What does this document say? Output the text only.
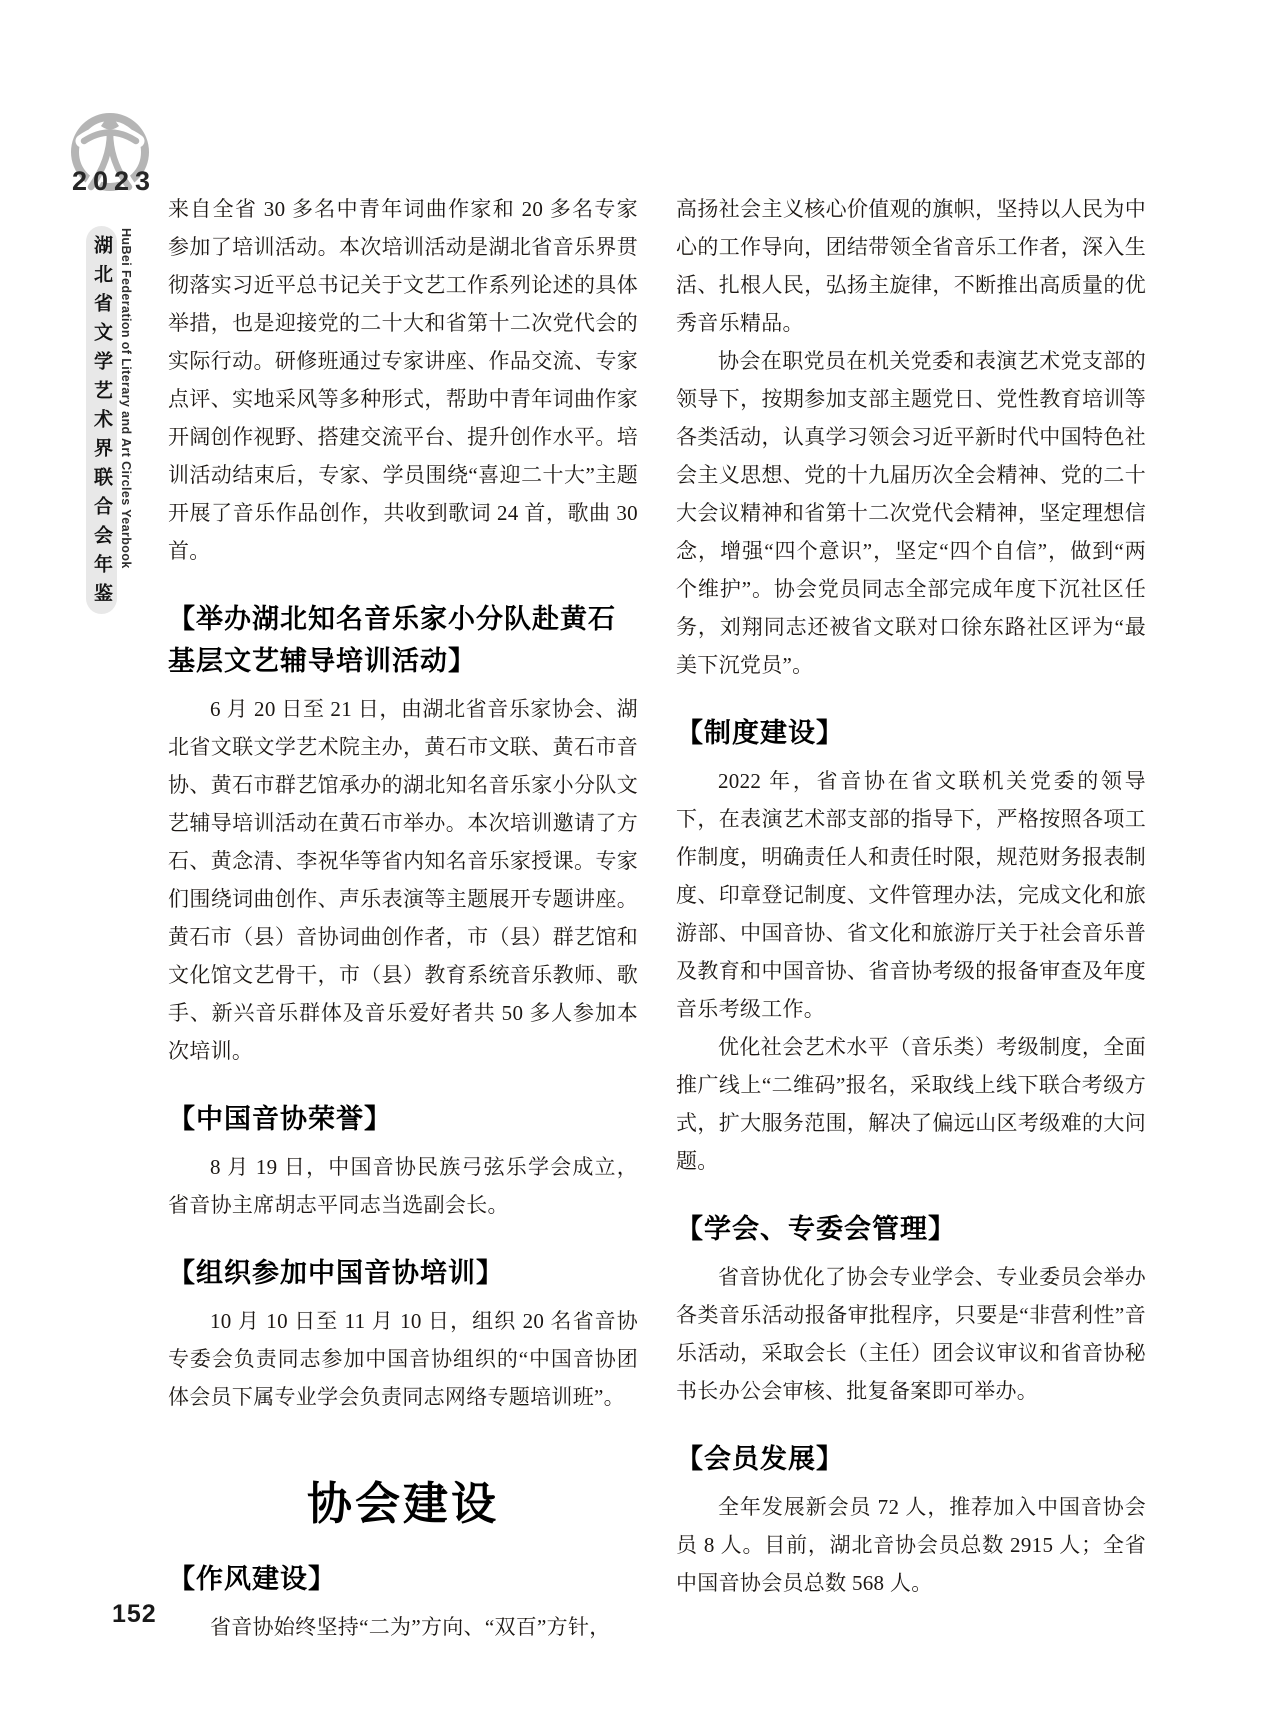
2023
湖北省文学艺术界联合会年鉴 HuBei Federation of Literary and Art Circles Yearbook

来自全省 30 多名中青年词曲作家和 20 多名专家参加了培训活动。本次培训活动是湖北省音乐界贯彻落实习近平总书记关于文艺工作系列论述的具体举措，也是迎接党的二十大和省第十二次党代会的实际行动。研修班通过专家讲座、作品交流、专家点评、实地采风等多种形式，帮助中青年词曲作家开阔创作视野、搭建交流平台、提升创作水平。培训活动结束后，专家、学员围绕“喜迎二十大”主题开展了音乐作品创作，共收到歌词 24 首，歌曲 30 首。

【举办湖北知名音乐家小分队赴黄石基层文艺辅导培训活动】

6 月 20 日至 21 日，由湖北省音乐家协会、湖北省文联文学艺术院主办，黄石市文联、黄石市音协、黄石市群艺馆承办的湖北知名音乐家小分队文艺辅导培训活动在黄石市举办。本次培训邀请了方石、黄念清、李祝华等省内知名音乐家授课。专家们围绕词曲创作、声乐表演等主题展开专题讲座。黄石市（县）音协词曲创作者，市（县）群艺馆和文化馆文艺骨干，市（县）教育系统音乐教师、歌手、新兴音乐群体及音乐爱好者共 50 多人参加本次培训。

【中国音协荣誉】

8 月 19 日，中国音协民族弓弦乐学会成立，省音协主席胡志平同志当选副会长。

【组织参加中国音协培训】

10 月 10 日至 11 月 10 日，组织 20 名省音协专委会负责同志参加中国音协组织的“中国音协团体会员下属专业学会负责同志网络专题培训班”。

协会建设
【作风建设】

省音协始终坚持“二为”方向、“双百”方针，

高扬社会主义核心价值观的旗帜，坚持以人民为中心的工作导向，团结带领全省音乐工作者，深入生活、扎根人民，弘扬主旋律，不断推出高质量的优秀音乐精品。

协会在职党员在机关党委和表演艺术党支部的领导下，按期参加支部主题党日、党性教育培训等各类活动，认真学习领会习近平新时代中国特色社会主义思想、党的十九届历次全会精神、党的二十大会议精神和省第十二次党代会精神，坚定理想信念，增强“四个意识”，坚定“四个自信”，做到“两个维护”。协会党员同志全部完成年度下沉社区任务，刘翔同志还被省文联对口徐东路社区评为“最美下沉党员”。

【制度建设】

2022 年，省音协在省文联机关党委的领导下，在表演艺术部支部的指导下，严格按照各项工作制度，明确责任人和责任时限，规范财务报表制度、印章登记制度、文件管理办法，完成文化和旅游部、中国音协、省文化和旅游厅关于社会音乐普及教育和中国音协、省音协考级的报备审查及年度音乐考级工作。

优化社会艺术水平（音乐类）考级制度，全面推广线上“二维码”报名，采取线上线下联合考级方式，扩大服务范围，解决了偏远山区考级难的大问题。

【学会、专委会管理】

省音协优化了协会专业学会、专业委员会举办各类音乐活动报备审批程序，只要是“非营利性”音乐活动，采取会长（主任）团会议审议和省音协秘书长办公会审核、批复备案即可举办。

【会员发展】

全年发展新会员 72 人，推荐加入中国音协会员 8 人。目前，湖北音协会员总数 2915 人；全省中国音协会员总数 568 人。

152
